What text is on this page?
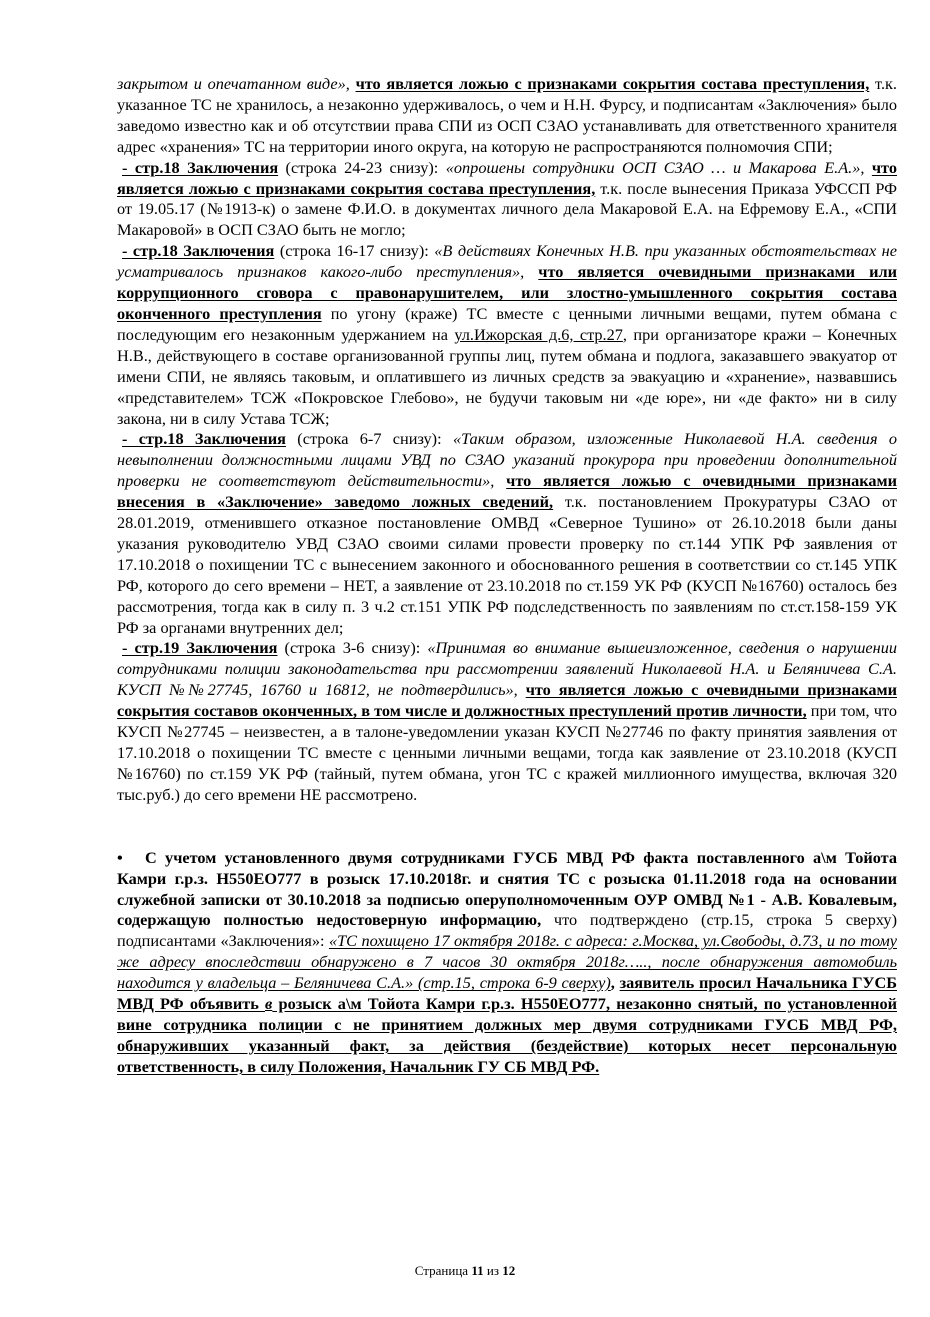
закрытом и опечатанном виде», что является ложью с признаками сокрытия состава преступления, т.к. указанное ТС не хранилось, а незаконно удерживалось, о чем и Н.Н. Фурсу, и подписантам «Заключения» было заведомо известно как и об отсутствии права СПИ из ОСП СЗАО устанавливать для ответственного хранителя адрес «хранения» ТС на территории иного округа, на которую не распространяются полномочия СПИ;

- стр.18 Заключения (строка 24-23 снизу): «опрошены сотрудники ОСП СЗАО … и Макарова Е.А.», что является ложью с признаками сокрытия состава преступления, т.к. после вынесения Приказа УФССП РФ от 19.05.17 (№1913-к) о замене Ф.И.О. в документах личного дела Макаровой Е.А. на Ефремову Е.А., «СПИ Макаровой» в ОСП СЗАО быть не могло;

- стр.18 Заключения (строка 16-17 снизу): «В действиях Конечных Н.В. при указанных обстоятельствах не усматривалось признаков какого-либо преступления», что является очевидными признаками или коррупционного сговора с правонарушителем, или злостно-умышленного сокрытия состава оконченного преступления по угону (краже) ТС вместе с ценными личными вещами, путем обмана с последующим его незаконным удержанием на ул.Ижорская д.6, стр.27, при организаторе кражи – Конечных Н.В., действующего в составе организованной группы лиц, путем обмана и подлога, заказавшего эвакуатор от имени СПИ, не являясь таковым, и оплатившего из личных средств за эвакуацию и «хранение», назвавшись «представителем» ТСЖ «Покровское Глебово», не будучи таковым ни «де юре», ни «де факто» ни в силу закона, ни в силу Устава ТСЖ;

- стр.18 Заключения (строка 6-7 снизу): «Таким образом, изложенные Николаевой Н.А. сведения о невыполнении должностными лицами УВД по СЗАО указаний прокурора при проведении дополнительной проверки не соответствуют действительности», что является ложью с очевидными признаками внесения в «Заключение» заведомо ложных сведений, т.к. постановлением Прокуратуры СЗАО от 28.01.2019, отменившего отказное постановление ОМВД «Северное Тушино» от 26.10.2018 были даны указания руководителю УВД СЗАО своими силами провести проверку по ст.144 УПК РФ заявления от 17.10.2018 о похищении ТС с вынесением законного и обоснованного решения в соответствии со ст.145 УПК РФ, которого до сего времени – НЕТ, а заявление от 23.10.2018 по ст.159 УК РФ (КУСП №16760) осталось без рассмотрения, тогда как в силу п. 3 ч.2 ст.151 УПК РФ подследственность по заявлениям по ст.ст.158-159 УК РФ за органами внутренних дел;

- стр.19 Заключения (строка 3-6 снизу): «Принимая во внимание вышеизложенное, сведения о нарушении сотрудниками полиции законодательства при рассмотрении заявлений Николаевой Н.А. и Беляничева С.А. КУСП №№27745, 16760 и 16812, не подтвердились», что является ложью с очевидными признаками сокрытия составов оконченных, в том числе и должностных преступлений против личности, при том, что КУСП №27745 – неизвестен, а в талоне-уведомлении указан КУСП №27746 по факту принятия заявления от 17.10.2018 о похищении ТС вместе с ценными личными вещами, тогда как заявление от 23.10.2018 (КУСП №16760) по ст.159 УК РФ (тайный, путем обмана, угон ТС с кражей миллионного имущества, включая 320 тыс.руб.) до сего времени НЕ рассмотрено.

• С учетом установленного двумя сотрудниками ГУСБ МВД РФ факта поставленного а\м Тойота Камри г.р.з. Н550ЕО777 в розыск 17.10.2018г. и снятия ТС с розыска 01.11.2018 года на основании служебной записки от 30.10.2018 за подписью оперуполномоченным ОУР ОМВД №1 - А.В. Ковалевым, содержащую полностью недостоверную информацию, что подтверждено (стр.15, строка 5 сверху) подписантами «Заключения»: «ТС похищено 17 октября 2018г. с адреса: г.Москва, ул.Свободы, д.73, и по тому же адресу впоследствии обнаружено в 7 часов 30 октября 2018г….., после обнаружения автомобиль находится у владельца – Беляничева С.А.» (стр.15, строка 6-9 сверху), заявитель просил Начальника ГУСБ МВД РФ объявить в розыск а\м Тойота Камри г.р.з. Н550ЕО777, незаконно снятый, по установленной вине сотрудника полиции с не принятием должных мер двумя сотрудниками ГУСБ МВД РФ, обнаруживших указанный факт, за действия (бездействие) которых несет персональную ответственность, в силу Положения, Начальник ГУ СБ МВД РФ.

Страница 11 из 12
